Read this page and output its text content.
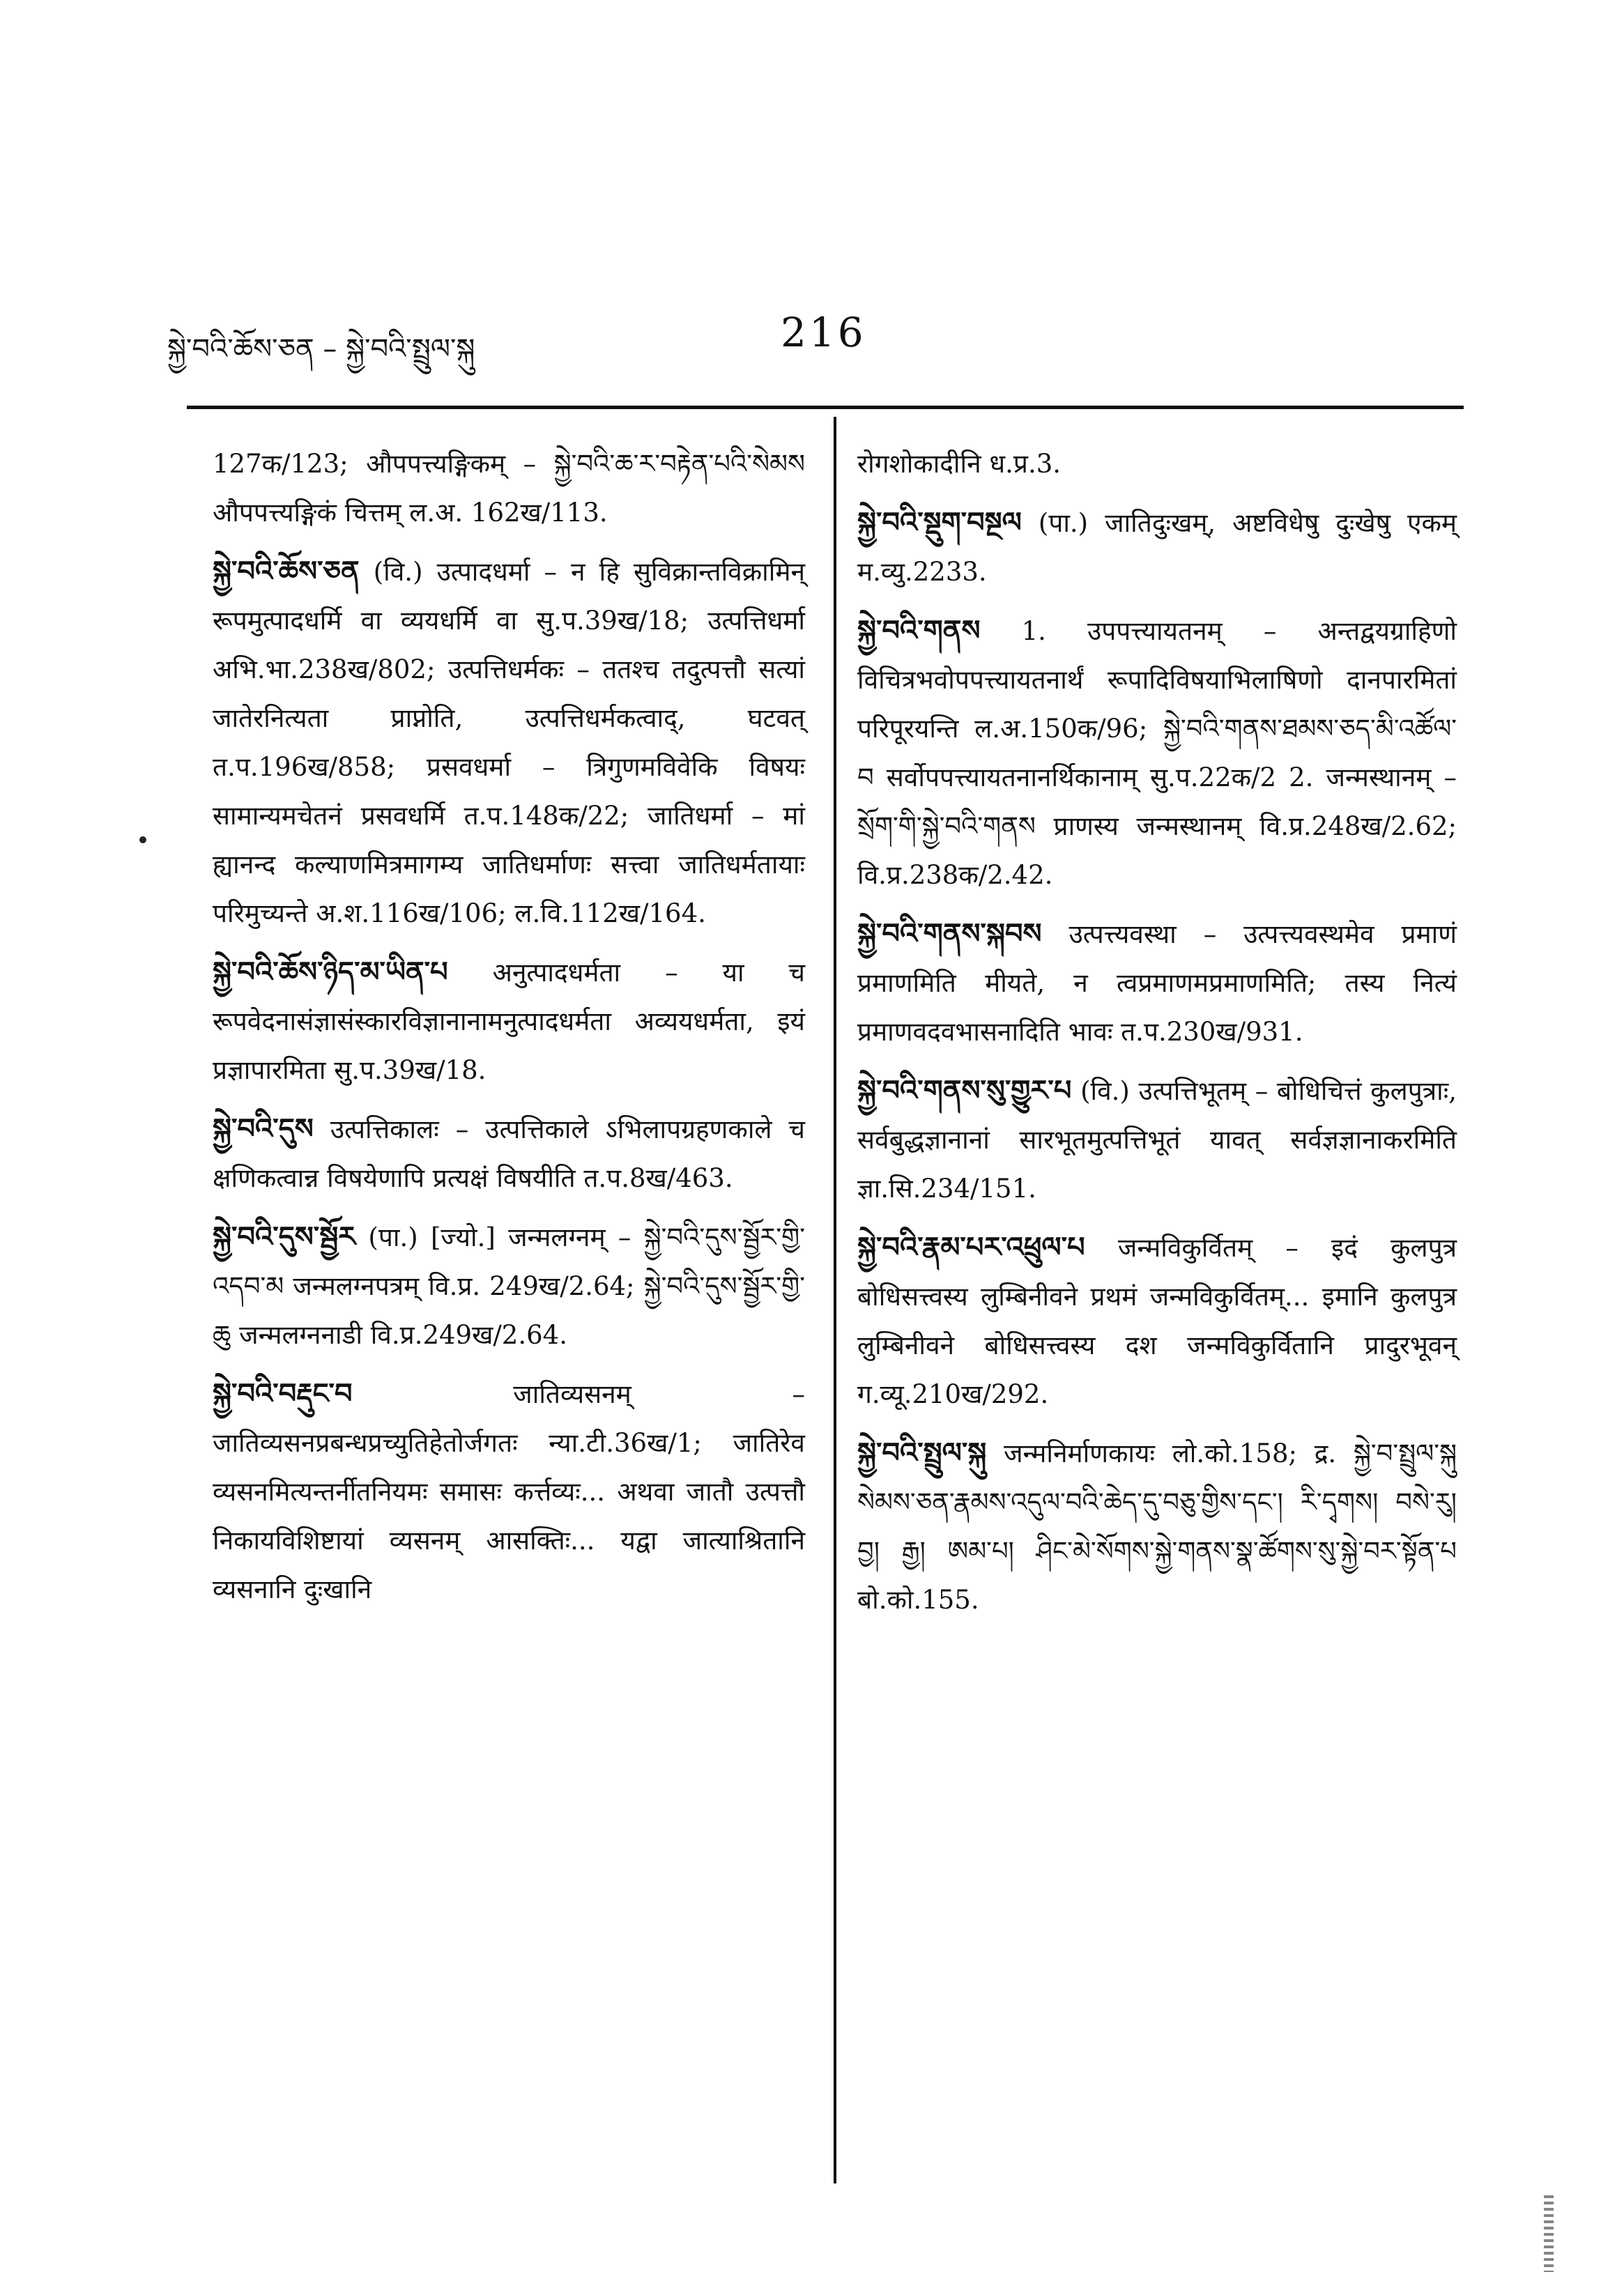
སྐྱེ་བའི་ཆོས་ཅན – སྐྱེ་བའི་སྤྲུལ་སྐུ	216
127क/123; औपपत्त्यङ्गिकम् – སྐྱེ་བའི་ཆ་ར་བརྟེན་པའི་སེམས औपपत्त्यङ्गिकं चित्तम् ल.अ. 162ख/113.
སྐྱེ་བའི་ཆོས་ཅན (वि.) उत्पादधर्मा – न हि सुविक्रान्तविक्रामिन् रूपमुत्पादधर्मि वा व्ययधर्मि वा सु.प.39ख/18; उत्पत्तिधर्मा अभि.भा.238ख/802; उत्पत्तिधर्मकः – ततश्च तदुत्पत्तौ सत्यां जातेरनित्यता प्राप्नोति, उत्पत्तिधर्मकत्वाद्, घटवत् त.प.196ख/858; प्रसवधर्मा – त्रिगुणमविवेकि विषयः सामान्यमचेतनं प्रसवधर्मि त.प.148क/22; जातिधर्मा – मां ह्यानन्द कल्याणमित्रमागम्य जातिधर्माणः सत्त्वा जातिधर्मतायाः परिमुच्यन्ते अ.श.116ख/106; ल.वि.112ख/164.
སྐྱེ་བའི་ཆོས་ཉིད་མ་ཡིན་པ अनुत्पादधर्मता – या च रूपवेदनासंज्ञासंस्कारविज्ञानानामनुत्पादधर्मता अव्ययधर्मता, इयं प्रज्ञापारमिता सु.प.39ख/18.
སྐྱེ་བའི་དུས उत्पत्तिकालः – उत्पत्तिकाले ऽभिलापग्रहणकाले च क्षणिकत्वान्न विषयेणापि प्रत्यक्षं विषयीति त.प.8ख/463.
སྐྱེ་བའི་དུས་སྦྱོར (पा.) [ज्यो.] जन्मलग्नम् – སྐྱེ་བའི་དུས་སྦྱོར་གྱི་འདབ་མ जन्मलग्नपत्रम् वि.प्र. 249ख/2.64; སྐྱེ་བའི་དུས་སྦྱོར་གྱི་ཆུ जन्मलग्ननाडी वि.प्र.249ख/2.64.
སྐྱེ་བའི་བརྡུང་བ	जातिव्यसनम् – जातिव्यसनप्रबन्धप्रच्युतिहेतोर्जगतः न्या.टी.36ख/1; जातिरेव व्यसनमित्यन्तर्नीतनियमः समासः कर्त्तव्यः... अथवा जातौ उत्पत्तौ निकायविशिष्टायां व्यसनम् आसक्तिः... यद्वा जात्याश्रितानि व्यसनानि दुःखानि
रोगशोकादीनि ध.प्र.3.
སྐྱེ་བའི་སྡུག་བསྔལ (पा.) जातिदुःखम्, अष्टविधेषु दुःखेषु एकम् म.व्यु.2233.
སྐྱེ་བའི་གནས 1. उपपत्त्यायतनम् – अन्तद्वयग्राहिणो विचित्रभवोपपत्त्यायतनार्थं रूपादिविषयाभिलाषिणो दानपारमितां परिपूरयन्ति ल.अ.150क/96; སྐྱེ་བའི་གནས་ཐམས་ཅད་མི་འཚོལ་བ सर्वोपपत्त्यायतनानर्थिकानाम् सु.प.22क/2 2. जन्मस्थानम् – སྲོག་གི་སྐྱེ་བའི་གནས प्राणस्य जन्मस्थानम् वि.प्र.248ख/2.62; वि.प्र.238क/2.42.
སྐྱེ་བའི་གནས་སྐབས उत्पत्त्यवस्था – उत्पत्त्यवस्थमेव प्रमाणं प्रमाणमिति मीयते, न त्वप्रमाणमप्रमाणमिति; तस्य नित्यं प्रमाणवदवभासनादिति भावः त.प.230ख/931.
སྐྱེ་བའི་གནས་སུ་གྱུར་པ (वि.) उत्पत्तिभूतम् – बोधिचित्तं कुलपुत्राः, सर्वबुद्धज्ञानानां सारभूतमुत्पत्तिभूतं यावत् सर्वज्ञज्ञानाकरमिति ज्ञा.सि.234/151.
སྐྱེ་བའི་རྣམ་པར་འཕྲུལ་པ जन्मविकुर्वितम् – इदं कुलपुत्र बोधिसत्त्वस्य लुम्बिनीवने प्रथमं जन्मविकुर्वितम्... इमानि कुलपुत्र लुम्बिनीवने बोधिसत्त्वस्य दश जन्मविकुर्वितानि प्रादुरभूवन् ग.व्यू.210ख/292.
སྐྱེ་བའི་སྤྲུལ་སྐུ जन्मनिर्माणकायः लो.को.158; द्र. སྐྱེ་བ་སྤྲུལ་སྐུ སེམས་ཅན་རྣམས་འདུལ་བའི་ཆེད་དུ་བཅུ་གྱིས་དང་། རི་དྭགས། བསེ་རུ། བྱ། རྒྱ། ཨམ་པ། ཤིང་མེ་སོགས་སྐྱེ་གནས་སྣ་ཚོགས་སུ་སྐྱེ་བར་སྟོན་པ बो.को.155.
